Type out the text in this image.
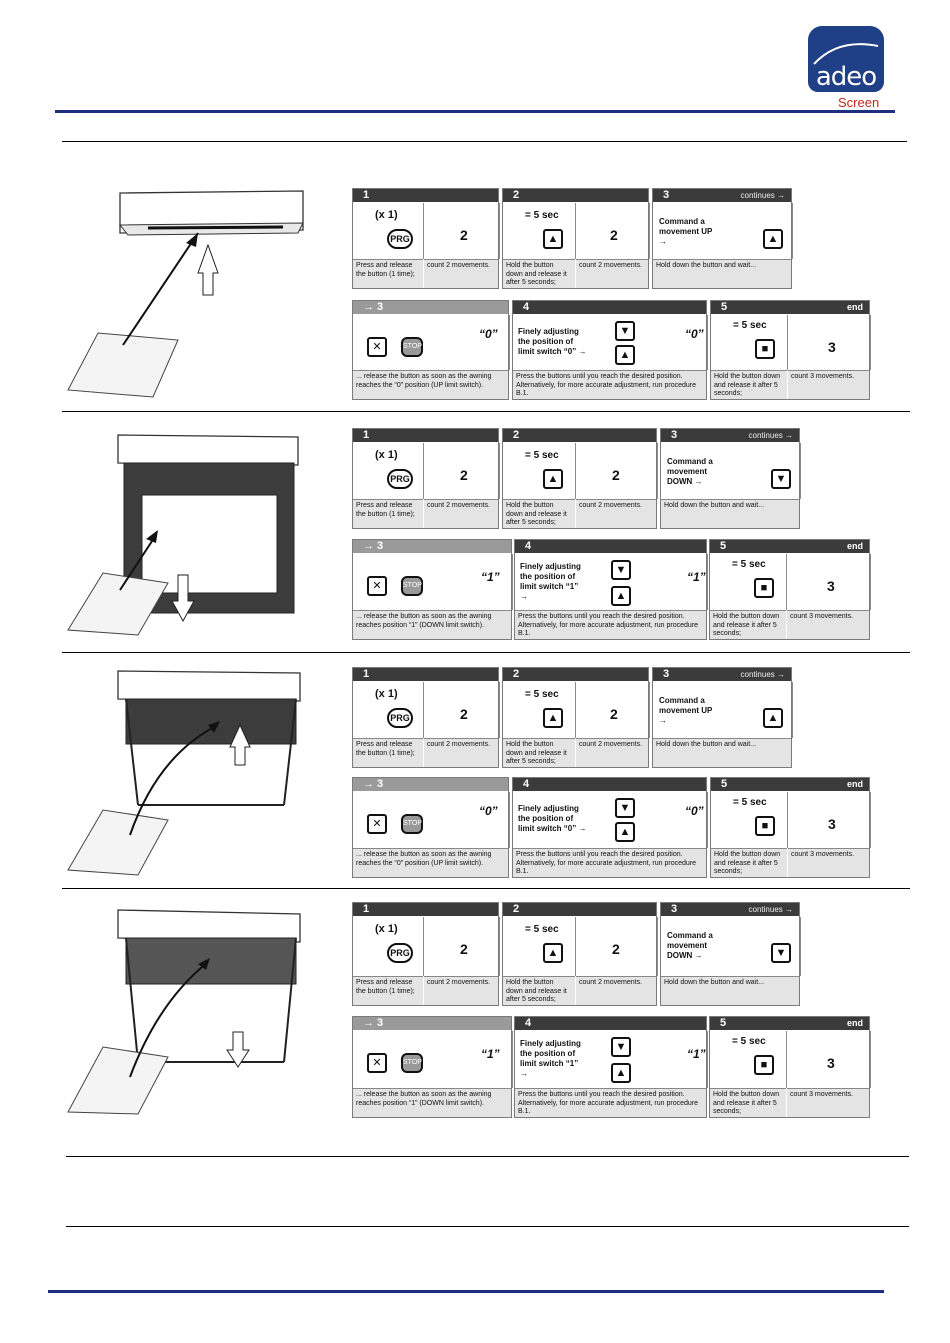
adeo
Screen
1
(x 1)
PRG	2
Press and release the button (1 time);
count 2 movements.
2
= 5 sec
▲	2
Hold the button down and release it after 5 seconds;
count 2 movements.
3	continues →
Command a movement UP →	▲
Hold down the button and wait...
→ 3
✕	STOP
“0”
... release the button as soon as the awning reaches the “0” position (UP limit switch).
4
Finely adjusting the position of limit switch “0” →
▼
▲
“0”
Press the buttons until you reach the desired position. Alternatively, for more accurate adjustment, run procedure B.1.
5	end
= 5 sec
■	3
Hold the button down and release it after 5 seconds;
count 3 movements.
1
(x 1)
PRG	2
Press and release the button (1 time);
count 2 movements.
2
= 5 sec
▲	2
Hold the button down and release it after 5 seconds;
count 2 movements.
3	continues →
Command a movement DOWN →	▼
Hold down the button and wait...
→ 3
✕	STOP
“1”
... release the button as soon as the awning reaches position “1” (DOWN limit switch).
4
Finely adjusting the position of limit switch “1” →
▼
▲
“1”
Press the buttons until you reach the desired position. Alternatively, for more accurate adjustment, run procedure B.1.
5	end
= 5 sec
■	3
Hold the button down and release it after 5 seconds;
count 3 movements.
1
(x 1)
PRG	2
Press and release the button (1 time);
count 2 movements.
2
= 5 sec
▲	2
Hold the button down and release it after 5 seconds;
count 2 movements.
3	continues →
Command a movement UP →	▲
Hold down the button and wait...
→ 3
✕	STOP
“0”
... release the button as soon as the awning reaches the “0” position (UP limit switch).
4
Finely adjusting the position of limit switch “0” →
▼
▲
“0”
Press the buttons until you reach the desired position. Alternatively, for more accurate adjustment, run procedure B.1.
5	end
= 5 sec
■	3
Hold the button down and release it after 5 seconds;
count 3 movements.
1
(x 1)
PRG	2
Press and release the button (1 time);
count 2 movements.
2
= 5 sec
▲	2
Hold the button down and release it after 5 seconds;
count 2 movements.
3	continues →
Command a movement DOWN →	▼
Hold down the button and wait...
→ 3
✕	STOP
“1”
... release the button as soon as the awning reaches position “1” (DOWN limit switch).
4
Finely adjusting the position of limit switch “1” →
▼
▲
“1”
Press the buttons until you reach the desired position. Alternatively, for more accurate adjustment, run procedure B.1.
5	end
= 5 sec
■	3
Hold the button down and release it after 5 seconds;
count 3 movements.
